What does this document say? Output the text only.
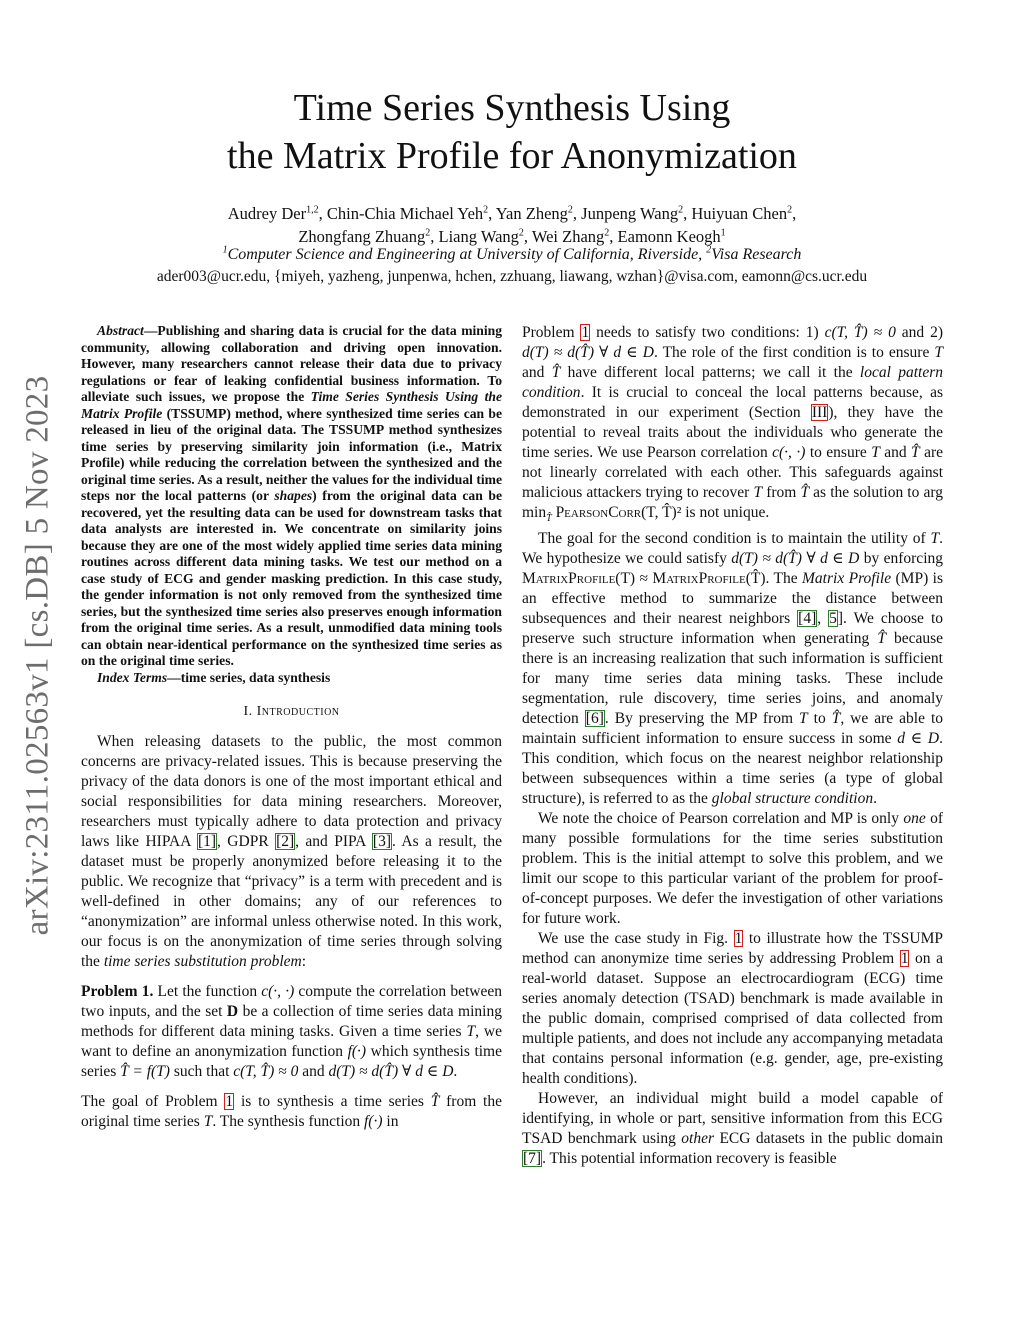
arXiv:2311.02563v1 [cs.DB] 5 Nov 2023
Time Series Synthesis Using
the Matrix Profile for Anonymization
Audrey Der$^{1,2}$, Chin-Chia Michael Yeh$^2$, Yan Zheng$^2$, Junpeng Wang$^2$, Huiyuan Chen$^2$,
Zhongfang Zhuang$^2$, Liang Wang$^2$, Wei Zhang$^2$, Eamonn Keogh$^1$
$^1$Computer Science and Engineering at University of California, Riverside, $^2$Visa Research
ader003@ucr.edu, {miyeh, yazheng, junpenwa, hchen, zzhuang, liawang, wzhan}@visa.com, eamonn@cs.ucr.edu

Abstract—Publishing and sharing data is crucial for the data mining community, allowing collaboration and driving open innovation. However, many researchers cannot release their data due to privacy regulations or fear of leaking confidential business information. To alleviate such issues, we propose the Time Series Synthesis Using the Matrix Profile (TSSUMP) method, where synthesized time series can be released in lieu of the original data. The TSSUMP method synthesizes time series by preserving similarity join information (i.e., Matrix Profile) while reducing the correlation between the synthesized and the original time series. As a result, neither the values for the individual time steps nor the local patterns (or shapes) from the original data can be recovered, yet the resulting data can be used for downstream tasks that data analysts are interested in. We concentrate on similarity joins because they are one of the most widely applied time series data mining routines across different data mining tasks. We test our method on a case study of ECG and gender masking prediction. In this case study, the gender information is not only removed from the synthesized time series, but the synthesized time series also preserves enough information from the original time series. As a result, unmodified data mining tools can obtain near-identical performance on the synthesized time series as on the original time series.

Index Terms—time series, data synthesis

I. Introduction

When releasing datasets to the public, the most common concerns are privacy-related issues. This is because preserving the privacy of the data donors is one of the most important ethical and social responsibilities for data mining researchers. Moreover, researchers must typically adhere to data protection and privacy laws like HIPAA [1], GDPR [2], and PIPA [3]. As a result, the dataset must be properly anonymized before releasing it to the public. We recognize that “privacy” is a term with precedent and is well-defined in other domains; any of our references to “anonymization” are informal unless otherwise noted. In this work, our focus is on the anonymization of time series through solving the time series substitution problem:

Problem 1. Let the function c(·, ·) compute the correlation between two inputs, and the set D be a collection of time series data mining methods for different data mining tasks. Given a time series T, we want to define an anonymization function f(·) which synthesis time series T̂ = f(T) such that c(T, T̂) ≈ 0 and d(T) ≈ d(T̂) ∀ d ∈ D.

The goal of Problem 1 is to synthesis a time series T̂ from the original time series T. The synthesis function f(·) in

Problem 1 needs to satisfy two conditions: 1) c(T, T̂) ≈ 0 and 2) d(T) ≈ d(T̂) ∀ d ∈ D. The role of the first condition is to ensure T and T̂ have different local patterns; we call it the local pattern condition. It is crucial to conceal the local patterns because, as demonstrated in our experiment (Section III), they have the potential to reveal traits about the individuals who generate the time series. We use Pearson correlation c(·, ·) to ensure T and T̂ are not linearly correlated with each other. This safeguards against malicious attackers trying to recover T from T̂ as the solution to arg $\min_{T̂}$ PearsonCorr(T, T̂)² is not unique.

The goal for the second condition is to maintain the utility of T. We hypothesize we could satisfy d(T) ≈ d(T̂) ∀ d ∈ D by enforcing MatrixProfile(T) ≈ MatrixProfile(T̂). The Matrix Profile (MP) is an effective method to summarize the distance between subsequences and their nearest neighbors [4], 5]. We choose to preserve such structure information when generating T̂ because there is an increasing realization that such information is sufficient for many time series data mining tasks. These include segmentation, rule discovery, time series joins, and anomaly detection [6]. By preserving the MP from T to T̂, we are able to maintain sufficient information to ensure success in some d ∈ D. This condition, which focus on the nearest neighbor relationship between subsequences within a time series (a type of global structure), is referred to as the global structure condition.

We note the choice of Pearson correlation and MP is only one of many possible formulations for the time series substitution problem. This is the initial attempt to solve this problem, and we limit our scope to this particular variant of the problem for proof-of-concept purposes. We defer the investigation of other variations for future work.

We use the case study in Fig. 1 to illustrate how the TSSUMP method can anonymize time series by addressing Problem 1 on a real-world dataset. Suppose an electrocardiogram (ECG) time series anomaly detection (TSAD) benchmark is made available in the public domain, comprised comprised of data collected from multiple patients, and does not include any accompanying metadata that contains personal information (e.g. gender, age, pre-existing health conditions).

However, an individual might build a model capable of identifying, in whole or part, sensitive information from this ECG TSAD benchmark using other ECG datasets in the public domain [7]. This potential information recovery is feasible
